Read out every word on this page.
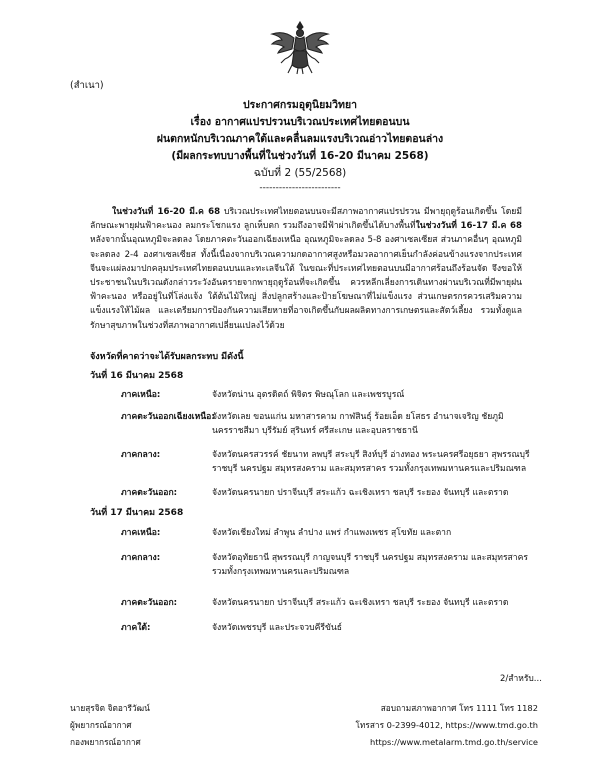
(สำเนา)
ประกาศกรมอุตุนิยมวิทยา
เรื่อง อากาศแปรปรวนบริเวณประเทศไทยตอนบน
ฝนตกหนักบริเวณภาคใต้และคลื่นลมแรงบริเวณอ่าวไทยตอนล่าง
(มีผลกระทบบางพื้นที่ในช่วงวันที่ 16-20 มีนาคม 2568)
ฉบับที่ 2 (55/2568)
-------------------------
ในช่วงวันที่ 16-20 มี.ค 68 บริเวณประเทศไทยตอนบนจะมีสภาพอากาศแปรปรวน มีพายุฤดูร้อนเกิดขึ้น โดยมีลักษณะพายุฝนฟ้าคะนอง ลมกระโชกแรง ลูกเห็บตก รวมถึงอาจมีฟ้าผ่าเกิดขึ้นได้บางพื้นที่ในช่วงวันที่ 16-17 มี.ค 68 หลังจากนั้นอุณหภูมิจะลดลง โดยภาคตะวันออกเฉียงเหนือ อุณหภูมิจะลดลง 5-8 องศาเซลเซียส ส่วนภาคอื่นๆ อุณหภูมิจะลดลง 2-4 องศาเซลเซียส ทั้งนี้เนื่องจากบริเวณความกดอากาศสูงหรือมวลอากาศเย็นกำลังค่อนข้างแรงจากประเทศจีนจะแผ่ลงมาปกคลุมประเทศไทยตอนบนและทะเลจีนใต้ ในขณะที่ประเทศไทยตอนบนมีอากาศร้อนถึงร้อนจัด จึงขอให้ประชาชนในบริเวณดังกล่าวระวังอันตรายจากพายุฤดูร้อนที่จะเกิดขึ้น ควรหลีกเลี่ยงการเดินทางผ่านบริเวณที่มีพายุฝนฟ้าคะนอง หรืออยู่ในที่โล่งแจ้ง ใต้ต้นไม้ใหญ่ สิ่งปลูกสร้างและป้ายโฆษณาที่ไม่แข็งแรง ส่วนเกษตรกรควรเสริมความแข็งแรงให้ไม้ผล และเตรียมการป้องกันความเสียหายที่อาจเกิดขึ้นกับผลผลิตทางการเกษตรและสัตว์เลี้ยง รวมทั้งดูแลรักษาสุขภาพในช่วงที่สภาพอากาศเปลี่ยนแปลงไว้ด้วย
จังหวัดที่คาดว่าจะได้รับผลกระทบ มีดังนี้
วันที่ 16 มีนาคม 2568
ภาคเหนือ:	จังหวัดน่าน อุตรดิตถ์ พิจิตร พิษณุโลก และเพชรบูรณ์
ภาคตะวันออกเฉียงเหนือ:
จังหวัดเลย ขอนแก่น มหาสารคาม กาฬสินธุ์ ร้อยเอ็ด ยโสธร อำนาจเจริญ ชัยภูมิ นครราชสีมา บุรีรัมย์ สุรินทร์ ศรีสะเกษ และอุบลราชธานี
ภาคกลาง:	จังหวัดนครสวรรค์ ชัยนาท ลพบุรี สระบุรี สิงห์บุรี อ่างทอง พระนครศรีอยุธยา สุพรรณบุรี ราชบุรี นครปฐม สมุทรสงคราม และสมุทรสาคร รวมทั้งกรุงเทพมหานครและปริมณฑล
ภาคตะวันออก:	จังหวัดนครนายก ปราจีนบุรี สระแก้ว ฉะเชิงเทรา ชลบุรี ระยอง จันทบุรี และตราด
วันที่ 17 มีนาคม 2568
ภาคเหนือ:	จังหวัดเชียงใหม่ ลำพูน ลำปาง แพร่ กำแพงเพชร สุโขทัย และตาก
ภาคกลาง:	จังหวัดอุทัยธานี สุพรรณบุรี กาญจนบุรี ราชบุรี นครปฐม สมุทรสงคราม และสมุทรสาคร รวมทั้งกรุงเทพมหานครและปริมณฑล
ภาคตะวันออก:	จังหวัดนครนายก ปราจีนบุรี สระแก้ว ฉะเชิงเทรา ชลบุรี ระยอง จันทบุรี และตราด
ภาคใต้:	จังหวัดเพชรบุรี และประจวบคีรีขันธ์
2/สำหรับ...
นายสุรจิต จิตอารีวัฒน์
ผู้พยากรณ์อากาศ
กองพยากรณ์อากาศ
สอบถามสภาพอากาศ โทร 1111 โทร 1182
โทรสาร 0-2399-4012, https://www.tmd.go.th
https://www.metalarm.tmd.go.th/service
